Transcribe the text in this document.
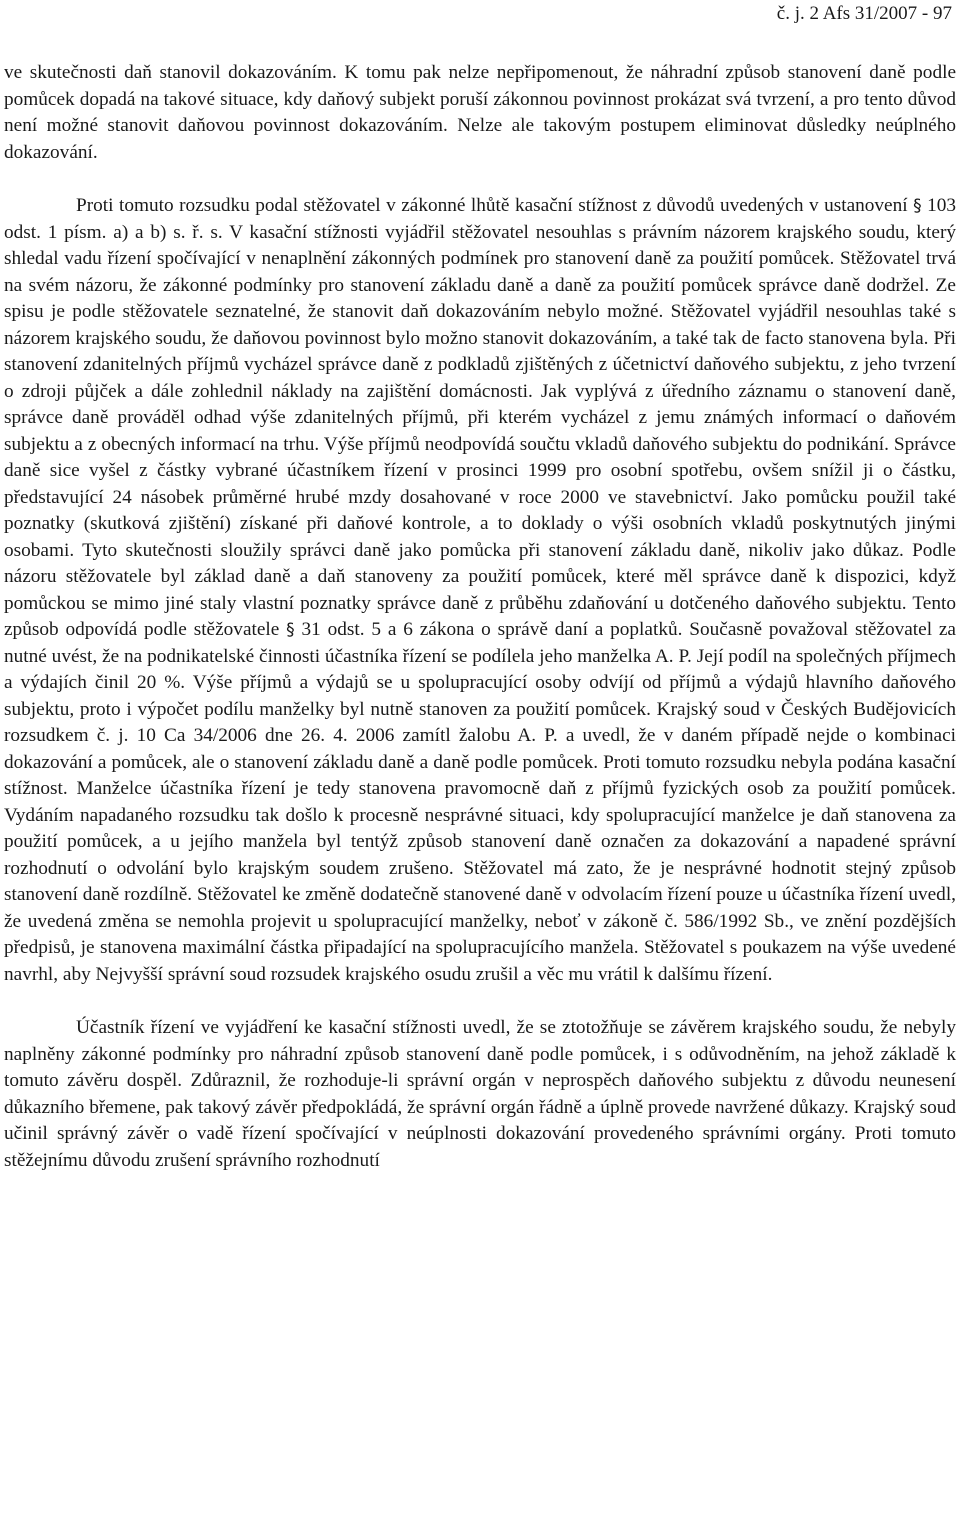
č. j. 2 Afs 31/2007 - 97

ve skutečnosti daň stanovil dokazováním. K tomu pak nelze nepřipomenout, že náhradní způsob stanovení daně podle pomůcek dopadá na takové situace, kdy daňový subjekt poruší zákonnou povinnost prokázat svá tvrzení, a pro tento důvod není možné stanovit daňovou povinnost dokazováním. Nelze ale takovým postupem eliminovat důsledky neúplného dokazování.

Proti tomuto rozsudku podal stěžovatel v zákonné lhůtě kasační stížnost z důvodů uvedených v ustanovení § 103 odst. 1 písm. a) a b) s. ř. s. V kasační stížnosti vyjádřil stěžovatel nesouhlas s právním názorem krajského soudu, který shledal vadu řízení spočívající v nenaplnění zákonných podmínek pro stanovení daně za použití pomůcek. Stěžovatel trvá na svém názoru, že zákonné podmínky pro stanovení základu daně a daně za použití pomůcek správce daně dodržel. Ze spisu je podle stěžovatele seznatelné, že stanovit daň dokazováním nebylo možné. Stěžovatel vyjádřil nesouhlas také s názorem krajského soudu, že daňovou povinnost bylo možno stanovit dokazováním, a také tak de facto stanovena byla. Při stanovení zdanitelných příjmů vycházel správce daně z podkladů zjištěných z účetnictví daňového subjektu, z jeho tvrzení o zdroji půjček a dále zohlednil náklady na zajištění domácnosti. Jak vyplývá z úředního záznamu o stanovení daně, správce daně prováděl odhad výše zdanitelných příjmů, při kterém vycházel z jemu známých informací o daňovém subjektu a z obecných informací na trhu. Výše příjmů neodpovídá součtu vkladů daňového subjektu do podnikání. Správce daně sice vyšel z částky vybrané účastníkem řízení v prosinci 1999 pro osobní spotřebu, ovšem snížil ji o částku, představující 24 násobek průměrné hrubé mzdy dosahované v roce 2000 ve stavebnictví. Jako pomůcku použil také poznatky (skutková zjištění) získané při daňové kontrole, a to doklady o výši osobních vkladů poskytnutých jinými osobami. Tyto skutečnosti sloužily správci daně jako pomůcka při stanovení základu daně, nikoliv jako důkaz. Podle názoru stěžovatele byl základ daně a daň stanoveny za použití pomůcek, které měl správce daně k dispozici, když pomůckou se mimo jiné staly vlastní poznatky správce daně z průběhu zdaňování u dotčeného daňového subjektu. Tento způsob odpovídá podle stěžovatele § 31 odst. 5 a 6 zákona o správě daní a poplatků. Současně považoval stěžovatel za nutné uvést, že na podnikatelské činnosti účastníka řízení se podílela jeho manželka A. P. Její podíl na společných příjmech a výdajích činil 20 %. Výše příjmů a výdajů se u spolupracující osoby odvíjí od příjmů a výdajů hlavního daňového subjektu, proto i výpočet podílu manželky byl nutně stanoven za použití pomůcek. Krajský soud v Českých Budějovicích rozsudkem č. j. 10 Ca 34/2006 dne 26. 4. 2006 zamítl žalobu A. P. a uvedl, že v daném případě nejde o kombinaci dokazování a pomůcek, ale o stanovení základu daně a daně podle pomůcek. Proti tomuto rozsudku nebyla podána kasační stížnost. Manželce účastníka řízení je tedy stanovena pravomocně daň z příjmů fyzických osob za použití pomůcek. Vydáním napadaného rozsudku tak došlo k procesně nesprávné situaci, kdy spolupracující manželce je daň stanovena za použití pomůcek, a u jejího manžela byl tentýž způsob stanovení daně označen za dokazování a napadené správní rozhodnutí o odvolání bylo krajským soudem zrušeno. Stěžovatel má zato, že je nesprávné hodnotit stejný způsob stanovení daně rozdílně. Stěžovatel ke změně dodatečně stanovené daně v odvolacím řízení pouze u účastníka řízení uvedl, že uvedená změna se nemohla projevit u spolupracující manželky, neboť v zákoně č. 586/1992 Sb., ve znění pozdějších předpisů, je stanovena maximální částka připadající na spolupracujícího manžela. Stěžovatel s poukazem na výše uvedené navrhl, aby Nejvyšší správní soud rozsudek krajského osudu zrušil a věc mu vrátil k dalšímu řízení.

Účastník řízení ve vyjádření ke kasační stížnosti uvedl, že se ztotožňuje se závěrem krajského soudu, že nebyly naplněny zákonné podmínky pro náhradní způsob stanovení daně podle pomůcek, i s odůvodněním, na jehož základě k tomuto závěru dospěl. Zdůraznil, že rozhoduje-li správní orgán v neprospěch daňového subjektu z důvodu neunesení důkazního břemene, pak takový závěr předpokládá, že správní orgán řádně a úplně provede navržené důkazy. Krajský soud učinil správný závěr o vadě řízení spočívající v neúplnosti dokazování provedeného správními orgány. Proti tomuto stěžejnímu důvodu zrušení správního rozhodnutí
